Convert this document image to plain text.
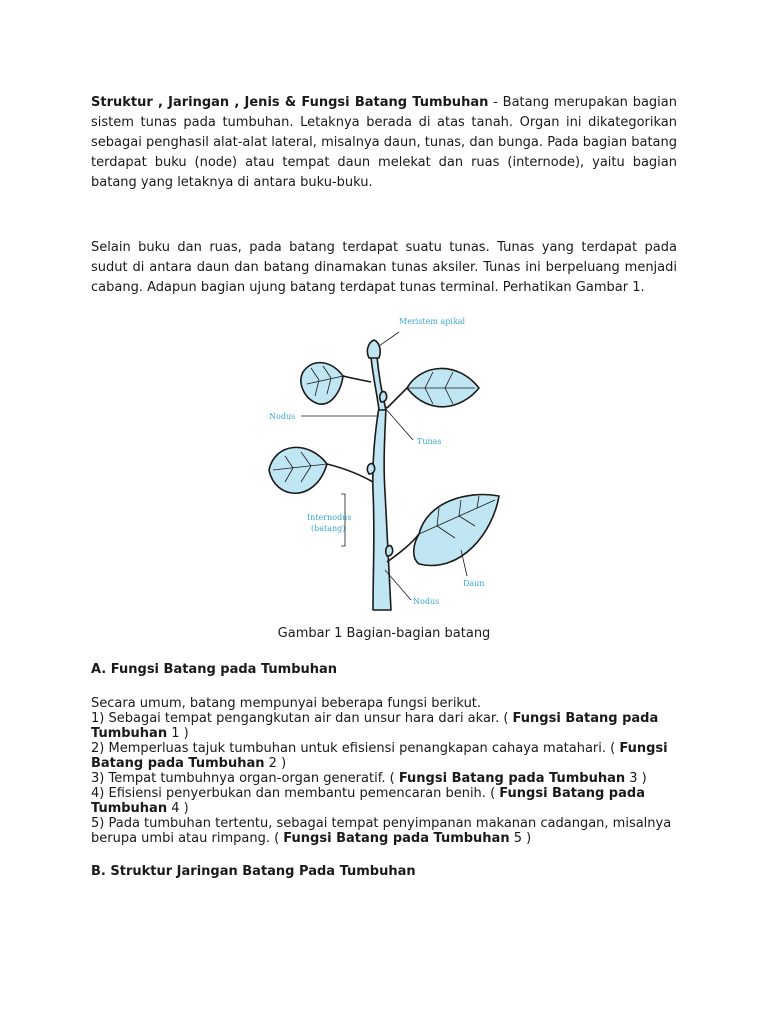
Struktur , Jaringan , Jenis & Fungsi Batang Tumbuhan - Batang merupakan bagian sistem tunas pada tumbuhan. Letaknya berada di atas tanah. Organ ini dikategorikan sebagai penghasil alat-alat lateral, misalnya daun, tunas, dan bunga. Pada bagian batang terdapat buku (node) atau tempat daun melekat dan ruas (internode), yaitu bagian batang yang letaknya di antara buku-buku.

Selain buku dan ruas, pada batang terdapat suatu tunas. Tunas yang terdapat pada sudut di antara daun dan batang dinamakan tunas aksiler. Tunas ini berpeluang menjadi cabang. Adapun bagian ujung batang terdapat tunas terminal. Perhatikan Gambar 1.

Meristem apikal
Nodus
Tunas
Internodus
(batang)
Daun
Nodus

Gambar 1 Bagian-bagian batang

A. Fungsi Batang pada Tumbuhan

Secara umum, batang mempunyai beberapa fungsi berikut.
1) Sebagai tempat pengangkutan air dan unsur hara dari akar. ( Fungsi Batang pada Tumbuhan 1 )
2) Memperluas tajuk tumbuhan untuk efisiensi penangkapan cahaya matahari. ( Fungsi Batang pada Tumbuhan 2 )
3) Tempat tumbuhnya organ-organ generatif. ( Fungsi Batang pada Tumbuhan 3 )
4) Efisiensi penyerbukan dan membantu pemencaran benih. ( Fungsi Batang pada Tumbuhan 4 )
5) Pada tumbuhan tertentu, sebagai tempat penyimpanan makanan cadangan, misalnya berupa umbi atau rimpang. ( Fungsi Batang pada Tumbuhan 5 )

B. Struktur Jaringan Batang Pada Tumbuhan
